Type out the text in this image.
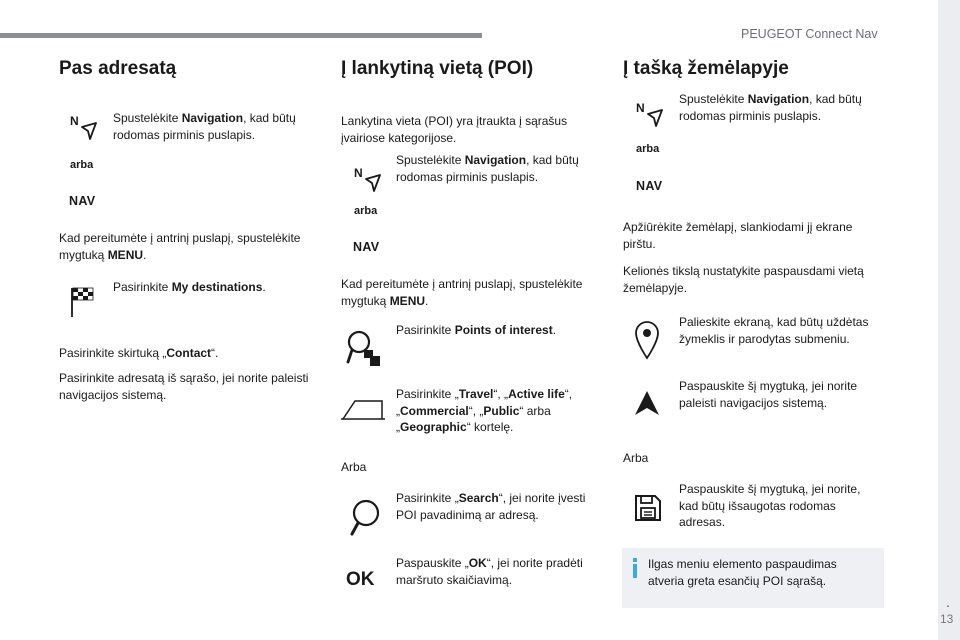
PEUGEOT Connect Nav
.
13
Pas adresatą
N	Spustelėkite Navigation, kad būtų rodomas pirminis puslapis.

arba
NAV

Kad pereitumėte į antrinį puslapį, spustelėkite mygtuką MENU.

Pasirinkite My destinations.

Pasirinkite skirtuką „Contact“.

Pasirinkite adresatą iš sąrašo, jei norite paleisti navigacijos sistemą.

Į lankytiną vietą (POI)

Lankytina vieta (POI) yra įtraukta į sąrašus įvairiose kategorijose.

N

Spustelėkite Navigation, kad būtų rodomas pirminis puslapis.

arba
NAV

Kad pereitumėte į antrinį puslapį, spustelėkite mygtuką MENU.

Pasirinkite Points of interest.

Pasirinkite „Travel“, „Active life“, „Commercial“, „Public“ arba „Geographic“ kortelę.

Arba

Pasirinkite „Search“, jei norite įvesti POI pavadinimą ar adresą.

OK

Paspauskite „OK“, jei norite pradėti maršruto skaičiavimą.

Į tašką žemėlapyje
N

Spustelėkite Navigation, kad būtų rodomas pirminis puslapis.

arba
NAV

Apžiūrėkite žemėlapį, slankiodami jį ekrane pirštu.

Kelionės tikslą nustatykite paspausdami vietą žemėlapyje.

Palieskite ekraną, kad būtų uždėtas žymeklis ir parodytas submeniu.

Paspauskite šį mygtuką, jei norite paleisti navigacijos sistemą.

Arba

Paspauskite šį mygtuką, jei norite, kad būtų išsaugotas rodomas adresas.

Ilgas meniu elemento paspaudimas atveria greta esančių POI sąrašą.
